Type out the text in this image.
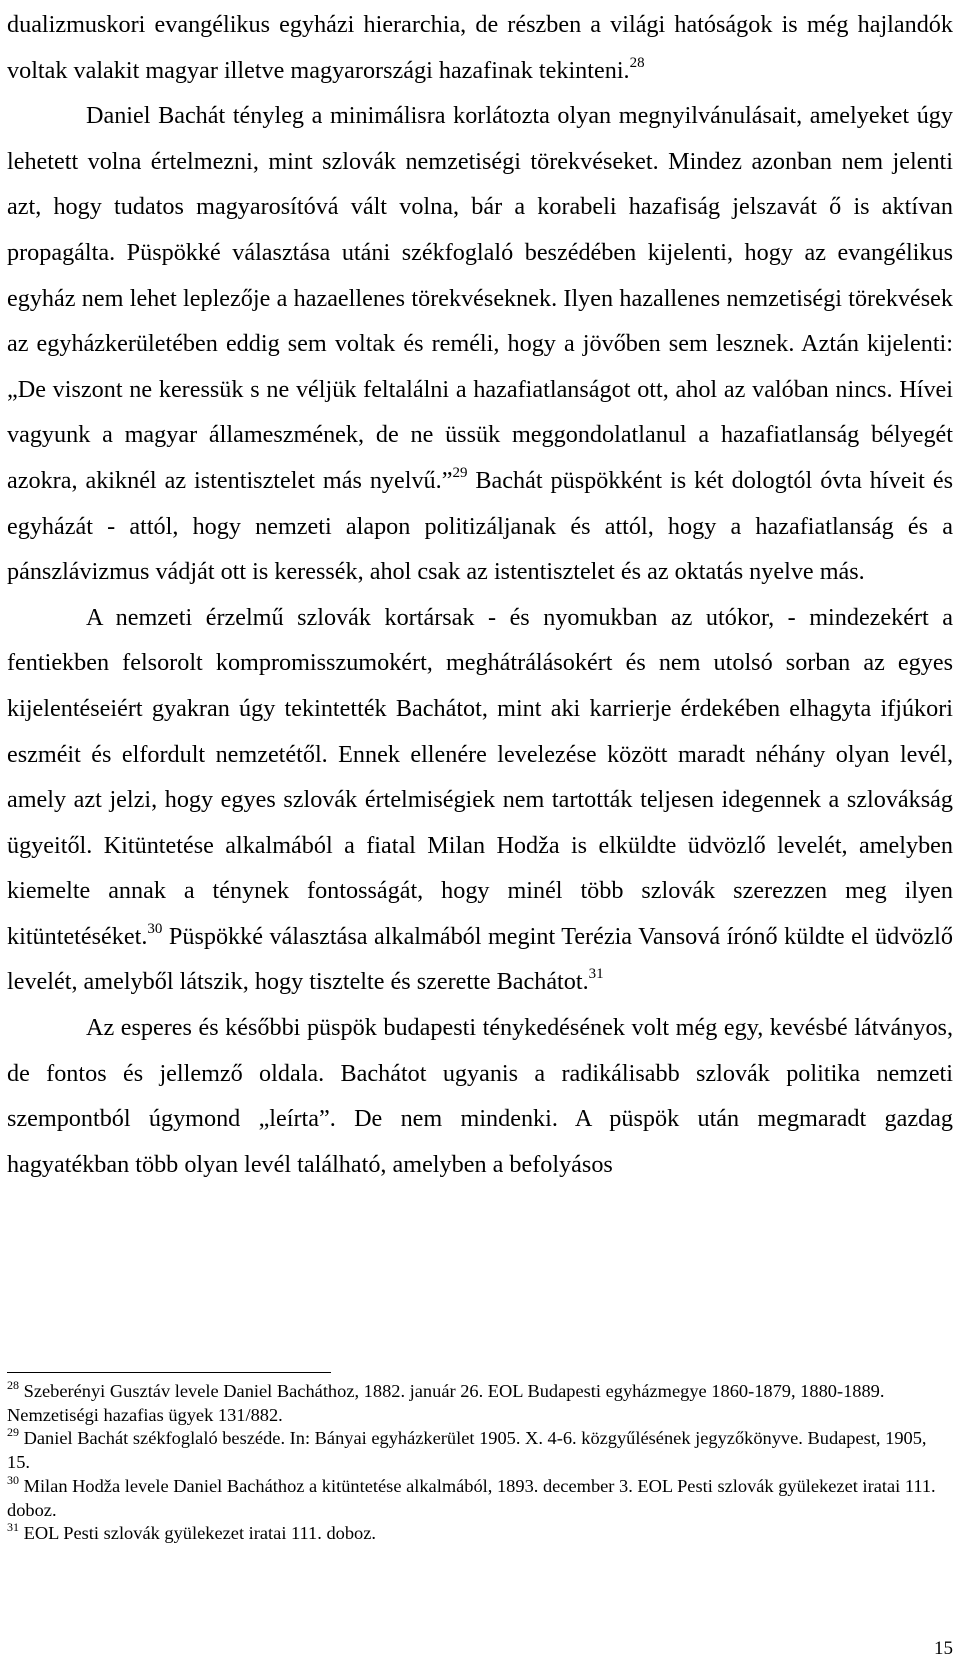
dualizmuskori evangélikus egyházi hierarchia, de részben a világi hatóságok is még hajlandók voltak valakit magyar illetve magyarországi hazafinak tekinteni.$^{28}$

Daniel Bachát tényleg a minimálisra korlátozta olyan megnyilvánulásait, amelyeket úgy lehetett volna értelmezni, mint szlovák nemzetiségi törekvéseket. Mindez azonban nem jelenti azt, hogy tudatos magyarosítóvá vált volna, bár a korabeli hazafiság jelszavát ő is aktívan propagálta. Püspökké választása utáni székfoglaló beszédében kijelenti, hogy az evangélikus egyház nem lehet leplezője a hazaellenes törekvéseknek. Ilyen hazallenes nemzetiségi törekvések az egyházkerületében eddig sem voltak és reméli, hogy a jövőben sem lesznek. Aztán kijelenti: „De viszont ne keressük s ne véljük feltalálni a hazafiatlanságot ott, ahol az valóban nincs. Hívei vagyunk a magyar állameszmének, de ne üssük meggondolatlanul a hazafiatlanság bélyegét azokra, akiknél az istentisztelet más nyelvű.”$^{29}$ Bachát püspökként is két dologtól óvta híveit és egyházát - attól, hogy nemzeti alapon politizáljanak és attól, hogy a hazafiatlanság és a pánszlávizmus vádját ott is keressék, ahol csak az istentisztelet és az oktatás nyelve más.

A nemzeti érzelmű szlovák kortársak - és nyomukban az utókor, - mindezekért a fentiekben felsorolt kompromisszumokért, meghátrálásokért és nem utolsó sorban az egyes kijelentéseiért gyakran úgy tekintették Bachátot, mint aki karrierje érdekében elhagyta ifjúkori eszméit és elfordult nemzetétől. Ennek ellenére levelezése között maradt néhány olyan levél, amely azt jelzi, hogy egyes szlovák értelmiségiek nem tartották teljesen idegennek a szlovákság ügyeitől. Kitüntetése alkalmából a fiatal Milan Hodža is elküldte üdvözlő levelét, amelyben kiemelte annak a ténynek fontosságát, hogy minél több szlovák szerezzen meg ilyen kitüntetéséket.$^{30}$ Püspökké választása alkalmából megint Terézia Vansová írónő küldte el üdvözlő levelét, amelyből látszik, hogy tisztelte és szerette Bachátot.$^{31}$

Az esperes és későbbi püspök budapesti ténykedésének volt még egy, kevésbé látványos, de fontos és jellemző oldala. Bachátot ugyanis a radikálisabb szlovák politika nemzeti szempontból úgymond „leírta”. De nem mindenki. A püspök után megmaradt gazdag hagyatékban több olyan levél található, amelyben a befolyásos

$^{28}$ Szeberényi Gusztáv levele Daniel Bacháthoz, 1882. január 26. EOL Budapesti egyházmegye 1860-1879, 1880-1889. Nemzetiségi hazafias ügyek 131/882.

$^{29}$ Daniel Bachát székfoglaló beszéde. In: Bányai egyházkerület 1905. X. 4-6. közgyűlésének jegyzőkönyve. Budapest, 1905, 15.

$^{30}$ Milan Hodža levele Daniel Bacháthoz a kitüntetése alkalmából, 1893. december 3. EOL Pesti szlovák gyülekezet iratai 111. doboz.

$^{31}$ EOL Pesti szlovák gyülekezet iratai 111. doboz.

15
